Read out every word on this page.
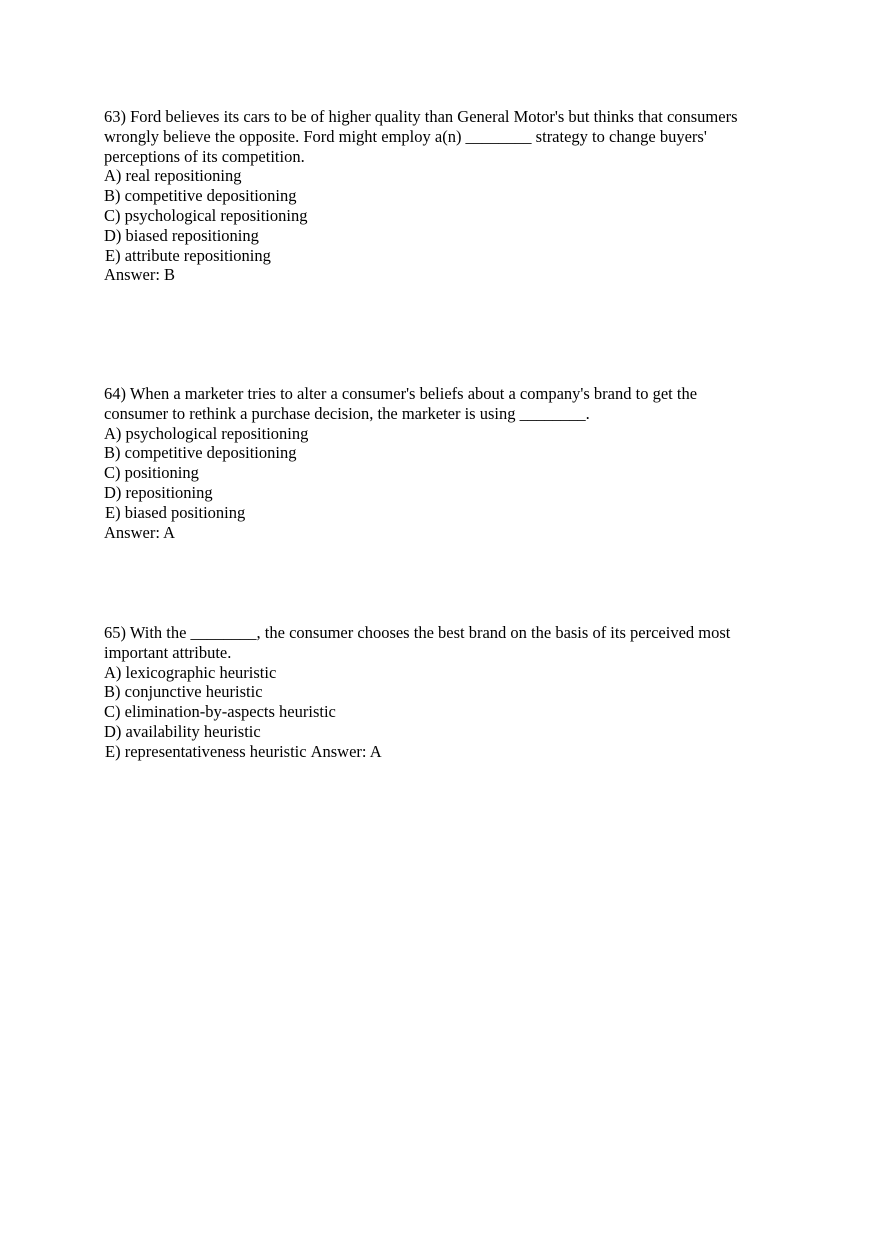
63) Ford believes its cars to be of higher quality than General Motor's but thinks that consumers
wrongly believe the opposite. Ford might employ a(n) ________ strategy to change buyers'
perceptions of its competition.
A) real repositioning
B) competitive depositioning
C) psychological repositioning
D) biased repositioning
E) attribute repositioning
Answer: B
64) When a marketer tries to alter a consumer's beliefs about a company's brand to get the
consumer to rethink a purchase decision, the marketer is using ________.
A) psychological repositioning
B) competitive depositioning
C) positioning
D) repositioning
E) biased positioning
Answer: A
65) With the ________, the consumer chooses the best brand on the basis of its perceived most
important attribute.
A) lexicographic heuristic
B) conjunctive heuristic
C) elimination-by-aspects heuristic
D) availability heuristic
E) representativeness heuristic Answer: A
